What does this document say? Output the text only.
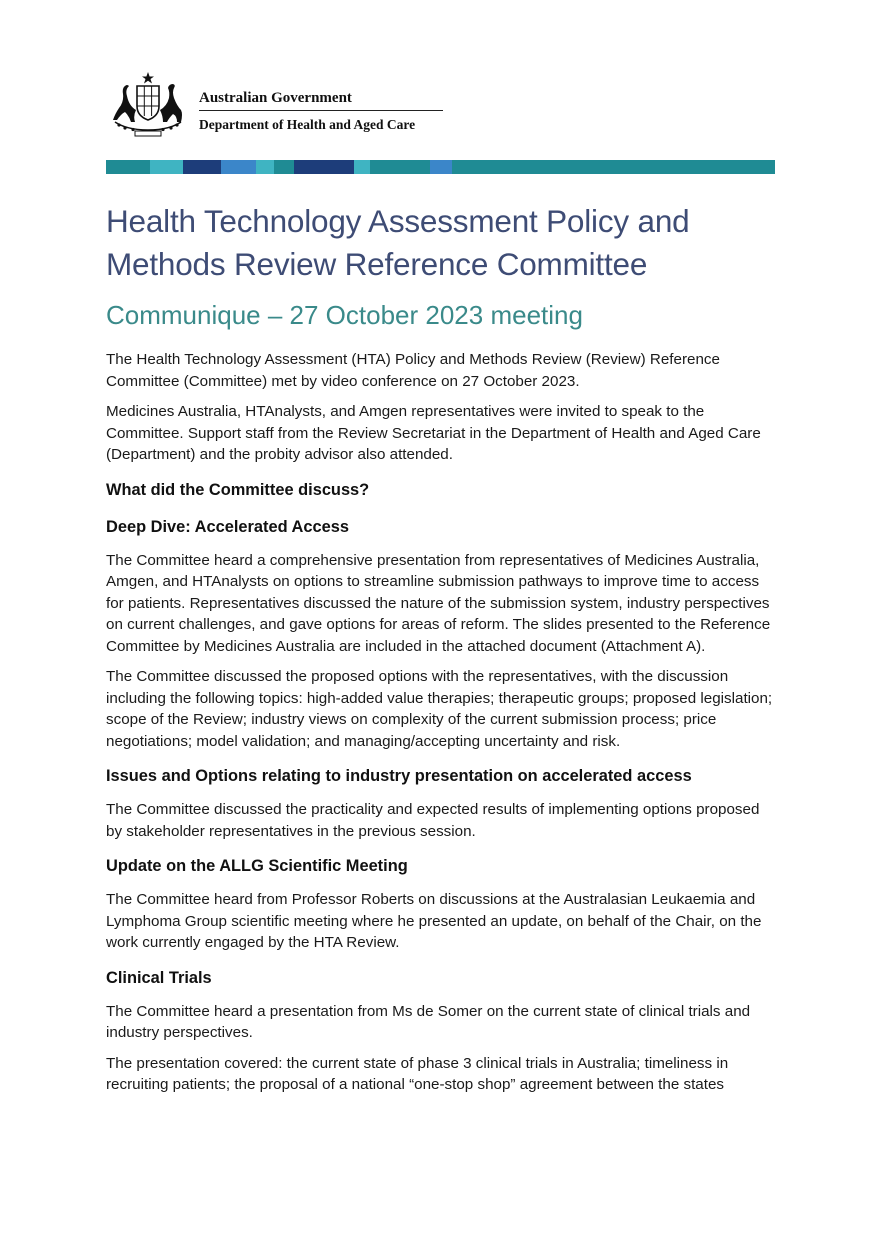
Australian Government
Department of Health and Aged Care
Health Technology Assessment Policy and Methods Review Reference Committee
Communique – 27 October 2023 meeting

The Health Technology Assessment (HTA) Policy and Methods Review (Review) Reference Committee (Committee) met by video conference on 27 October 2023.

Medicines Australia, HTAnalysts, and Amgen representatives were invited to speak to the Committee. Support staff from the Review Secretariat in the Department of Health and Aged Care (Department) and the probity advisor also attended.

What did the Committee discuss?
Deep Dive: Accelerated Access

The Committee heard a comprehensive presentation from representatives of Medicines Australia, Amgen, and HTAnalysts on options to streamline submission pathways to improve time to access for patients. Representatives discussed the nature of the submission system, industry perspectives on current challenges, and gave options for areas of reform. The slides presented to the Reference Committee by Medicines Australia are included in the attached document (Attachment A).

The Committee discussed the proposed options with the representatives, with the discussion including the following topics: high-added value therapies; therapeutic groups; proposed legislation; scope of the Review; industry views on complexity of the current submission process; price negotiations; model validation; and managing/accepting uncertainty and risk.

Issues and Options relating to industry presentation on accelerated access

The Committee discussed the practicality and expected results of implementing options proposed by stakeholder representatives in the previous session.

Update on the ALLG Scientific Meeting

The Committee heard from Professor Roberts on discussions at the Australasian Leukaemia and Lymphoma Group scientific meeting where he presented an update, on behalf of the Chair, on the work currently engaged by the HTA Review.

Clinical Trials

The Committee heard a presentation from Ms de Somer on the current state of clinical trials and industry perspectives.

The presentation covered: the current state of phase 3 clinical trials in Australia; timeliness in recruiting patients; the proposal of a national “one-stop shop” agreement between the states
